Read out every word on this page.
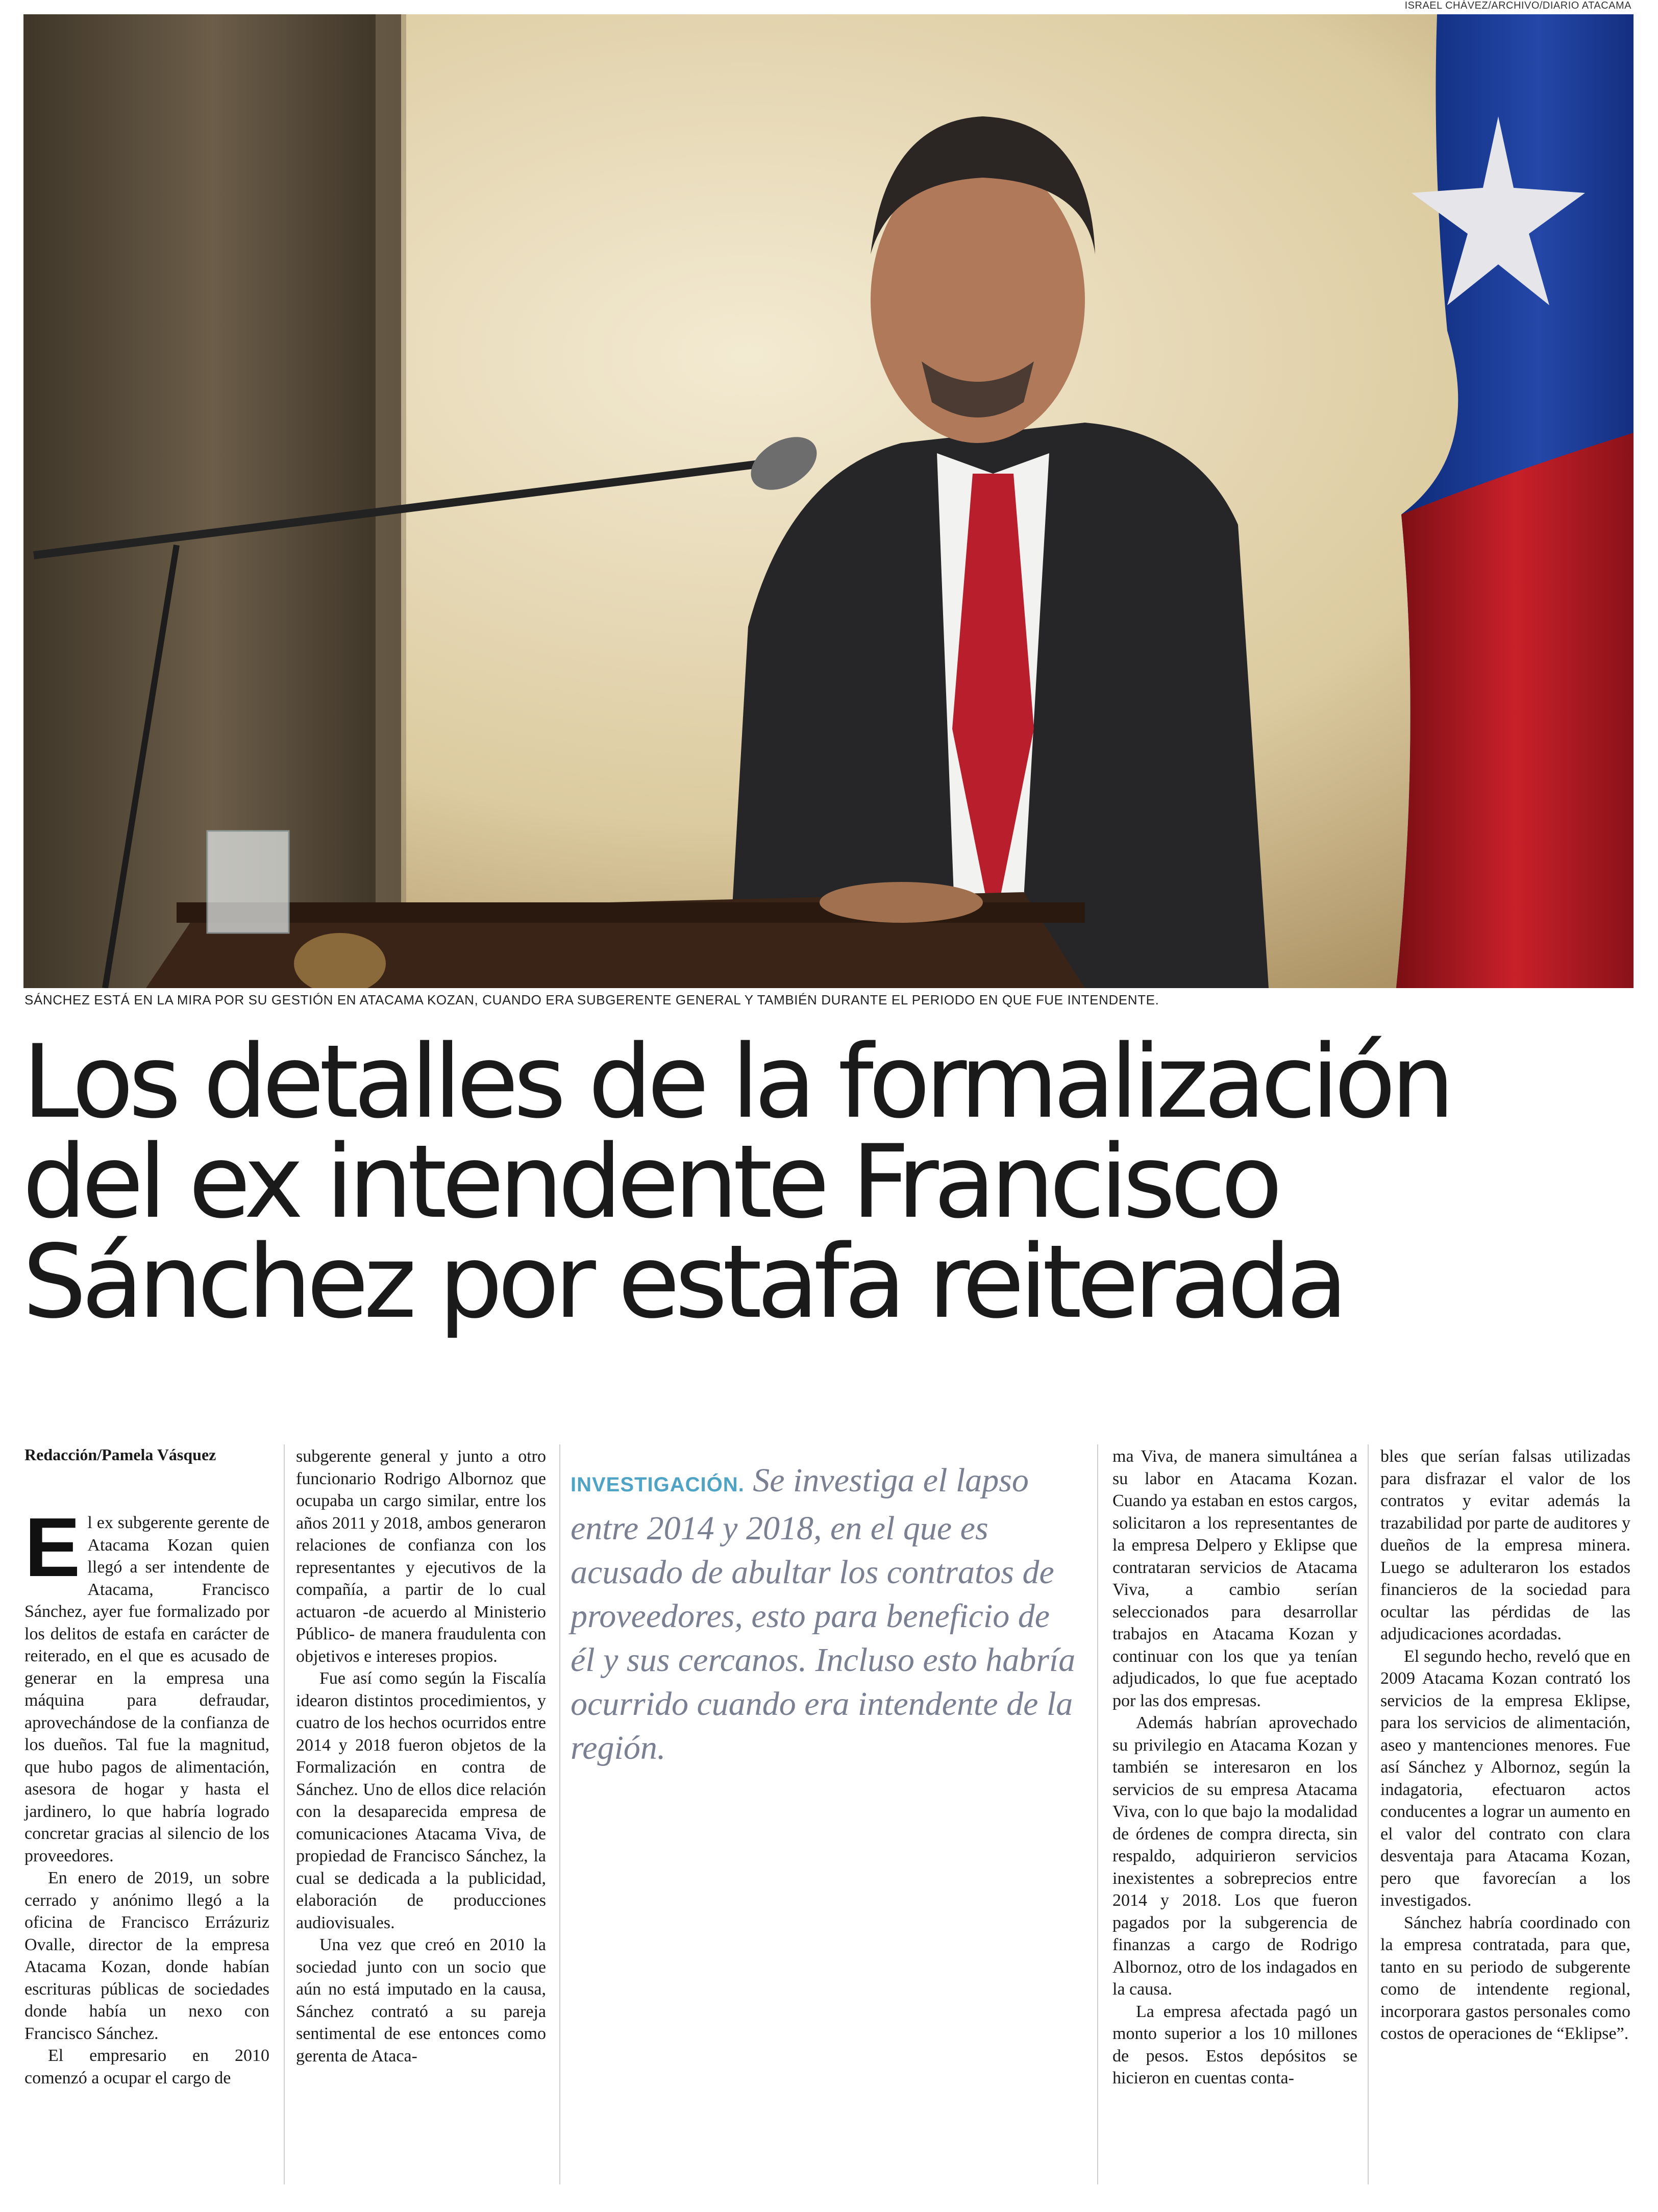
ISRAEL CHÁVEZ/ARCHIVO/DIARIO ATACAMA
SÁNCHEZ ESTÁ EN LA MIRA POR SU GESTIÓN EN ATACAMA KOZAN, CUANDO ERA SUBGERENTE GENERAL Y TAMBIÉN DURANTE EL PERIODO EN QUE FUE INTENDENTE.
Los detalles de la formalización
del ex intendente Francisco
Sánchez por estafa reiterada
Redacción/Pamela Vásquez

El ex subgerente gerente de Atacama Kozan quien llegó a ser intendente de Atacama, Francisco Sánchez, ayer fue formalizado por los delitos de estafa en carácter de reiterado, en el que es acusado de generar en la empresa una máquina para defraudar, aprovechándose de la confianza de los dueños. Tal fue la magnitud, que hubo pagos de alimentación, asesora de hogar y hasta el jardinero, lo que habría logrado concretar gracias al silencio de los proveedores.

En enero de 2019, un sobre cerrado y anónimo llegó a la oficina de Francisco Errázuriz Ovalle, director de la empresa Atacama Kozan, donde habían escrituras públicas de sociedades donde había un nexo con Francisco Sánchez.

El empresario en 2010 comenzó a ocupar el cargo de

subgerente general y junto a otro funcionario Rodrigo Albornoz que ocupaba un cargo similar, entre los años 2011 y 2018, ambos generaron relaciones de confianza con los representantes y ejecutivos de la compañía, a partir de lo cual actuaron -de acuerdo al Ministerio Público- de manera fraudulenta con objetivos e intereses propios.

Fue así como según la Fiscalía idearon distintos procedimientos, y cuatro de los hechos ocurridos entre 2014 y 2018 fueron objetos de la Formalización en contra de Sánchez. Uno de ellos dice relación con la desaparecida empresa de comunicaciones Atacama Viva, de propiedad de Francisco Sánchez, la cual se dedicada a la publicidad, elaboración de producciones audiovisuales.

Una vez que creó en 2010 la sociedad junto con un socio que aún no está imputado en la causa, Sánchez contrató a su pareja sentimental de ese entonces como gerenta de Ataca-

INVESTIGACIÓN. Se investiga el lapso entre 2014 y 2018, en el que es acusado de abultar los contratos de proveedores, esto para beneficio de él y sus cercanos. Incluso esto habría ocurrido cuando era intendente de la región.

ma Viva, de manera simultánea a su labor en Atacama Kozan. Cuando ya estaban en estos cargos, solicitaron a los representantes de la empresa Delpero y Eklipse que contrataran servicios de Atacama Viva, a cambio serían seleccionados para desarrollar trabajos en Atacama Kozan y continuar con los que ya tenían adjudicados, lo que fue aceptado por las dos empresas.

Además habrían aprovechado su privilegio en Atacama Kozan y también se interesaron en los servicios de su empresa Atacama Viva, con lo que bajo la modalidad de órdenes de compra directa, sin respaldo, adquirieron servicios inexistentes a sobreprecios entre 2014 y 2018. Los que fueron pagados por la subgerencia de finanzas a cargo de Rodrigo Albornoz, otro de los indagados en la causa.

La empresa afectada pagó un monto superior a los 10 millones de pesos. Estos depósitos se hicieron en cuentas conta-

bles que serían falsas utilizadas para disfrazar el valor de los contratos y evitar además la trazabilidad por parte de auditores y dueños de la empresa minera. Luego se adulteraron los estados financieros de la sociedad para ocultar las pérdidas de las adjudicaciones acordadas.

El segundo hecho, reveló que en 2009 Atacama Kozan contrató los servicios de la empresa Eklipse, para los servicios de alimentación, aseo y mantenciones menores. Fue así Sánchez y Albornoz, según la indagatoria, efectuaron actos conducentes a lograr un aumento en el valor del contrato con clara desventaja para Atacama Kozan, pero que favorecían a los investigados.

Sánchez habría coordinado con la empresa contratada, para que, tanto en su periodo de subgerente como de intendente regional, incorporara gastos personales como costos de operaciones de “Eklipse”.
